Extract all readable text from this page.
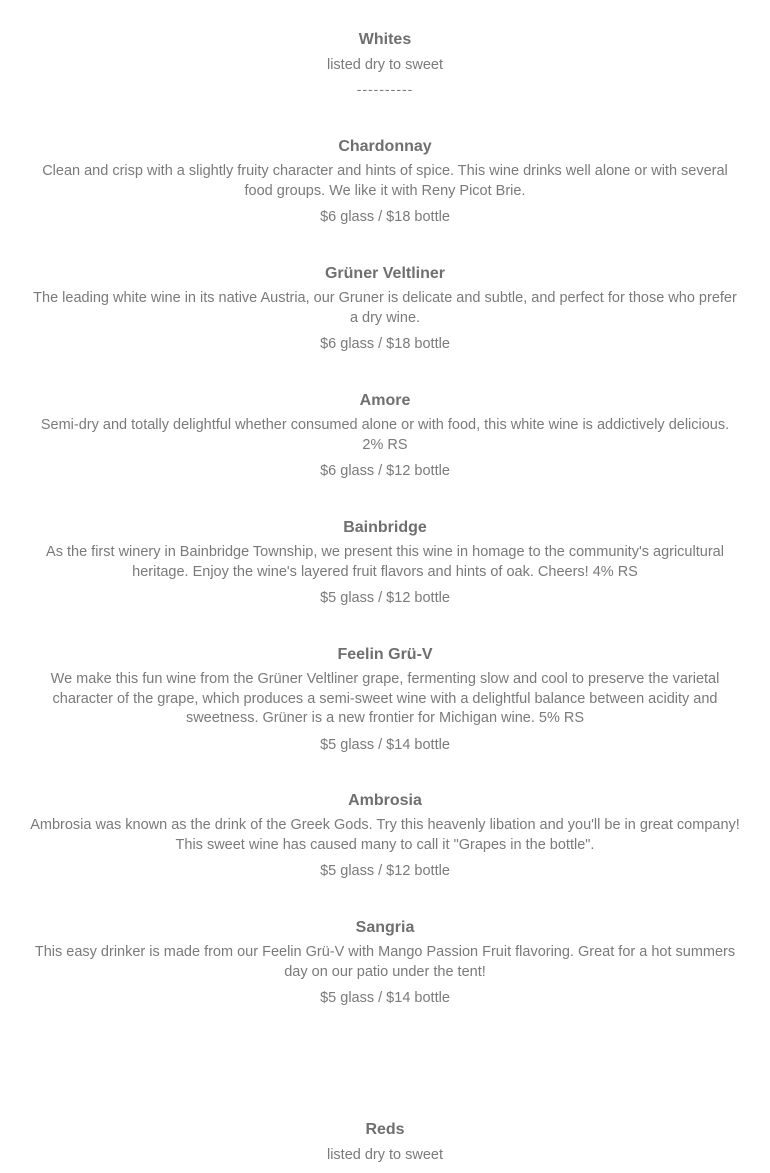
Whites

listed dry to sweet

----------

Chardonnay

Clean and crisp with a slightly fruity character and hints of spice. This wine drinks well alone or with several food groups. We like it with Reny Picot Brie.

$6 glass / $18 bottle

Grüner Veltliner

The leading white wine in its native Austria, our Gruner is delicate and subtle, and perfect for those who prefer a dry wine.

$6 glass / $18 bottle

Amore

Semi-dry and totally delightful whether consumed alone or with food, this white wine is addictively delicious. 2% RS

$6 glass / $12 bottle

Bainbridge

As the first winery in Bainbridge Township, we present this wine in homage to the community's agricultural heritage. Enjoy the wine's layered fruit flavors and hints of oak. Cheers! 4% RS

$5 glass / $12 bottle

Feelin Grü-V

We make this fun wine from the Grüner Veltliner grape, fermenting slow and cool to preserve the varietal character of the grape, which produces a semi-sweet wine with a delightful balance between acidity and sweetness. Grüner is a new frontier for Michigan wine. 5% RS

$5 glass / $14 bottle

Ambrosia

Ambrosia was known as the drink of the Greek Gods. Try this heavenly libation and you'll be in great company! This sweet wine has caused many to call it "Grapes in the bottle".

$5 glass / $12 bottle

Sangria

This easy drinker is made from our Feelin Grü-V with Mango Passion Fruit flavoring. Great for a hot summers day on our patio under the tent!

$5 glass / $14 bottle

Reds

listed dry to sweet
